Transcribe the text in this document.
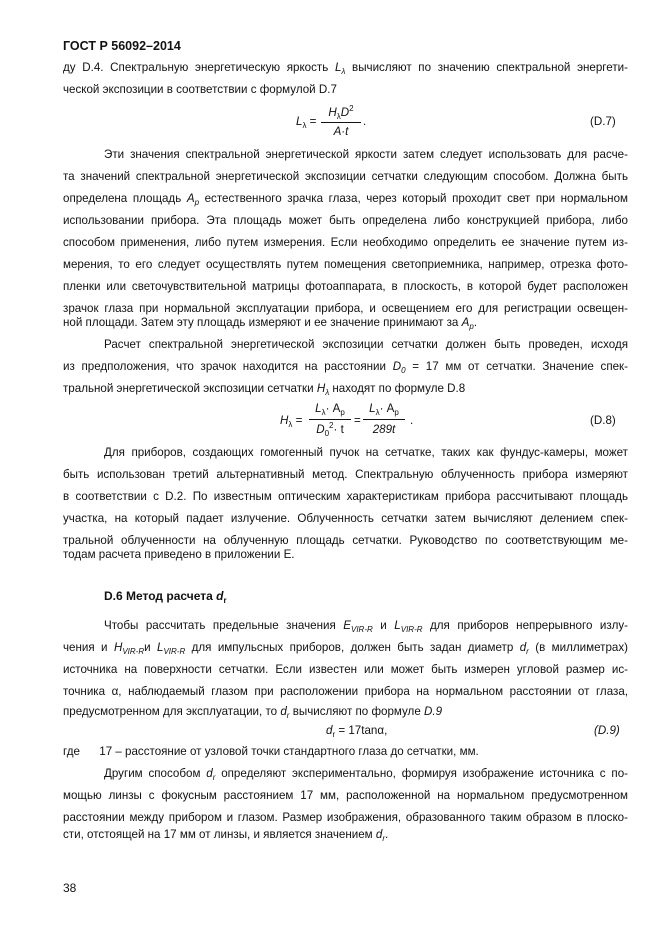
ГОСТ Р 56092–2014
ду D.4. Спектральную энергетическую яркость $L_\lambda$ вычисляют по значению спектральной энергети-
ческой экспозиции в соответствии с формулой D.7
$L_\lambda$ =
$H_\lambda D^2$
A·t
.	(D.7)
Эти значения спектральной энергетической яркости затем следует использовать для расче-
та значений спектральной энергетической экспозиции сетчатки следующим способом. Должна быть
определена площадь $A_p$ естественного зрачка глаза, через который проходит свет при нормальном
использовании прибора. Эта площадь может быть определена либо конструкцией прибора, либо
способом применения, либо путем измерения. Если необходимо определить ее значение путем из-
мерения, то его следует осуществлять путем помещения светоприемника, например, отрезка фото-
пленки или светочувствительной матрицы фотоаппарата, в плоскость, в которой будет расположен
зрачок глаза при нормальной эксплуатации прибора, и освещением его для регистрации освещен-
ной площади. Затем эту площадь измеряют и ее значение принимают за $A_p$.
Расчет спектральной энергетической экспозиции сетчатки должен быть проведен, исходя
из предположения, что зрачок находится на расстоянии $D_0 = 17$ мм от сетчатки. Значение спек-
тральной энергетической экспозиции сетчатки $H_\lambda$ находят по формуле D.8
$H_\lambda$ =
$L_\lambda\cdot A_p$
$D_0^2\cdot t$
=
$L_\lambda\cdot A_p$
289t
.	(D.8)
Для приборов, создающих гомогенный пучок на сетчатке, таких как фундус-камеры, может
быть использован третий альтернативный метод. Спектральную облученность прибора измеряют
в соответствии с D.2. По известным оптическим характеристикам прибора рассчитывают площадь
участка, на который падает излучение. Облученность сетчатки затем вычисляют делением спек-
тральной облученности на облученную площадь сетчатки. Руководство по соответствующим ме-
тодам расчета приведено в приложении Е.
D.6 Метод расчета $d_r$
Чтобы рассчитать предельные значения $E_{VIR-R}$ и $L_{VIR-R}$ для приборов непрерывного излу-
чения и $H_{VIR-R}и$ $L_{VIR-R}$ для импульсных приборов, должен быть задан диаметр $d_r$ (в миллиметрах)
источника на поверхности сетчатки. Если известен или может быть измерен угловой размер ис-
точника α, наблюдаемый глазом при расположении прибора на нормальном расстоянии от глаза,
предусмотренном для эксплуатации, то $d_r$ вычисляют по формуле D.9
$d_r = 17\tan\alpha$,	(D.9)
где 17 – расстояние от узловой точки стандартного глаза до сетчатки, мм.
Другим способом $d_r$ определяют экспериментально, формируя изображение источника с по-
мощью линзы с фокусным расстоянием 17 мм, расположенной на нормальном предусмотренном
расстоянии между прибором и глазом. Размер изображения, образованного таким образом в плоско-
сти, отстоящей на 17 мм от линзы, и является значением $d_r$.
38
